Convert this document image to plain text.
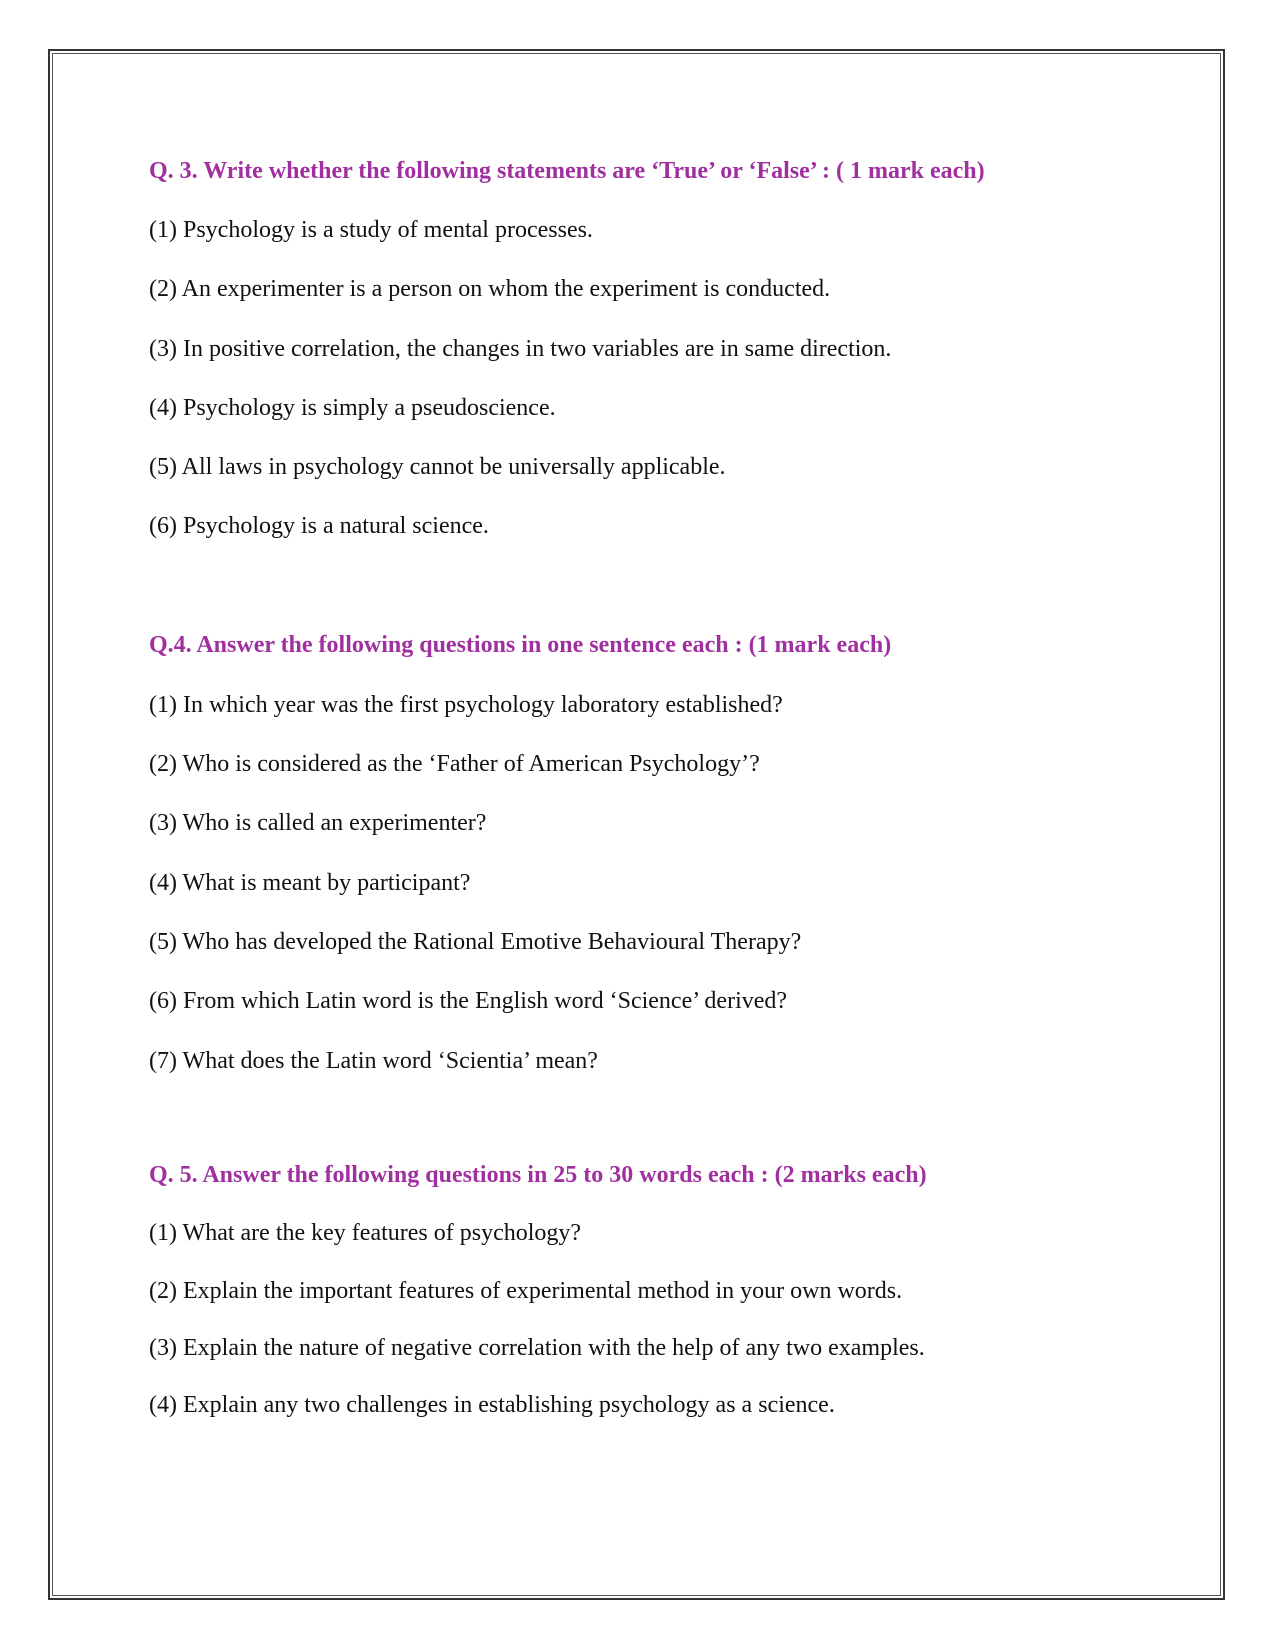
Q. 3. Write whether the following statements are ‘True’ or ‘False’ : ( 1 mark each)
(1) Psychology is a study of mental processes.
(2) An experimenter is a person on whom the experiment is conducted.
(3) In positive correlation, the changes in two variables are in same direction.
(4) Psychology is simply a pseudoscience.
(5) All laws in psychology cannot be universally applicable.
(6) Psychology is a natural science.
Q.4. Answer the following questions in one sentence each : (1 mark each)
(1) In which year was the first psychology laboratory established?
(2) Who is considered as the ‘Father of American Psychology’?
(3) Who is called an experimenter?
(4) What is meant by participant?
(5) Who has developed the Rational Emotive Behavioural Therapy?
(6) From which Latin word is the English word ‘Science’ derived?
(7) What does the Latin word ‘Scientia’ mean?
Q. 5. Answer the following questions in 25 to 30 words each : (2 marks each)
(1) What are the key features of psychology?
(2) Explain the important features of experimental method in your own words.
(3) Explain the nature of negative correlation with the help of any two examples.
(4) Explain any two challenges in establishing psychology as a science.
